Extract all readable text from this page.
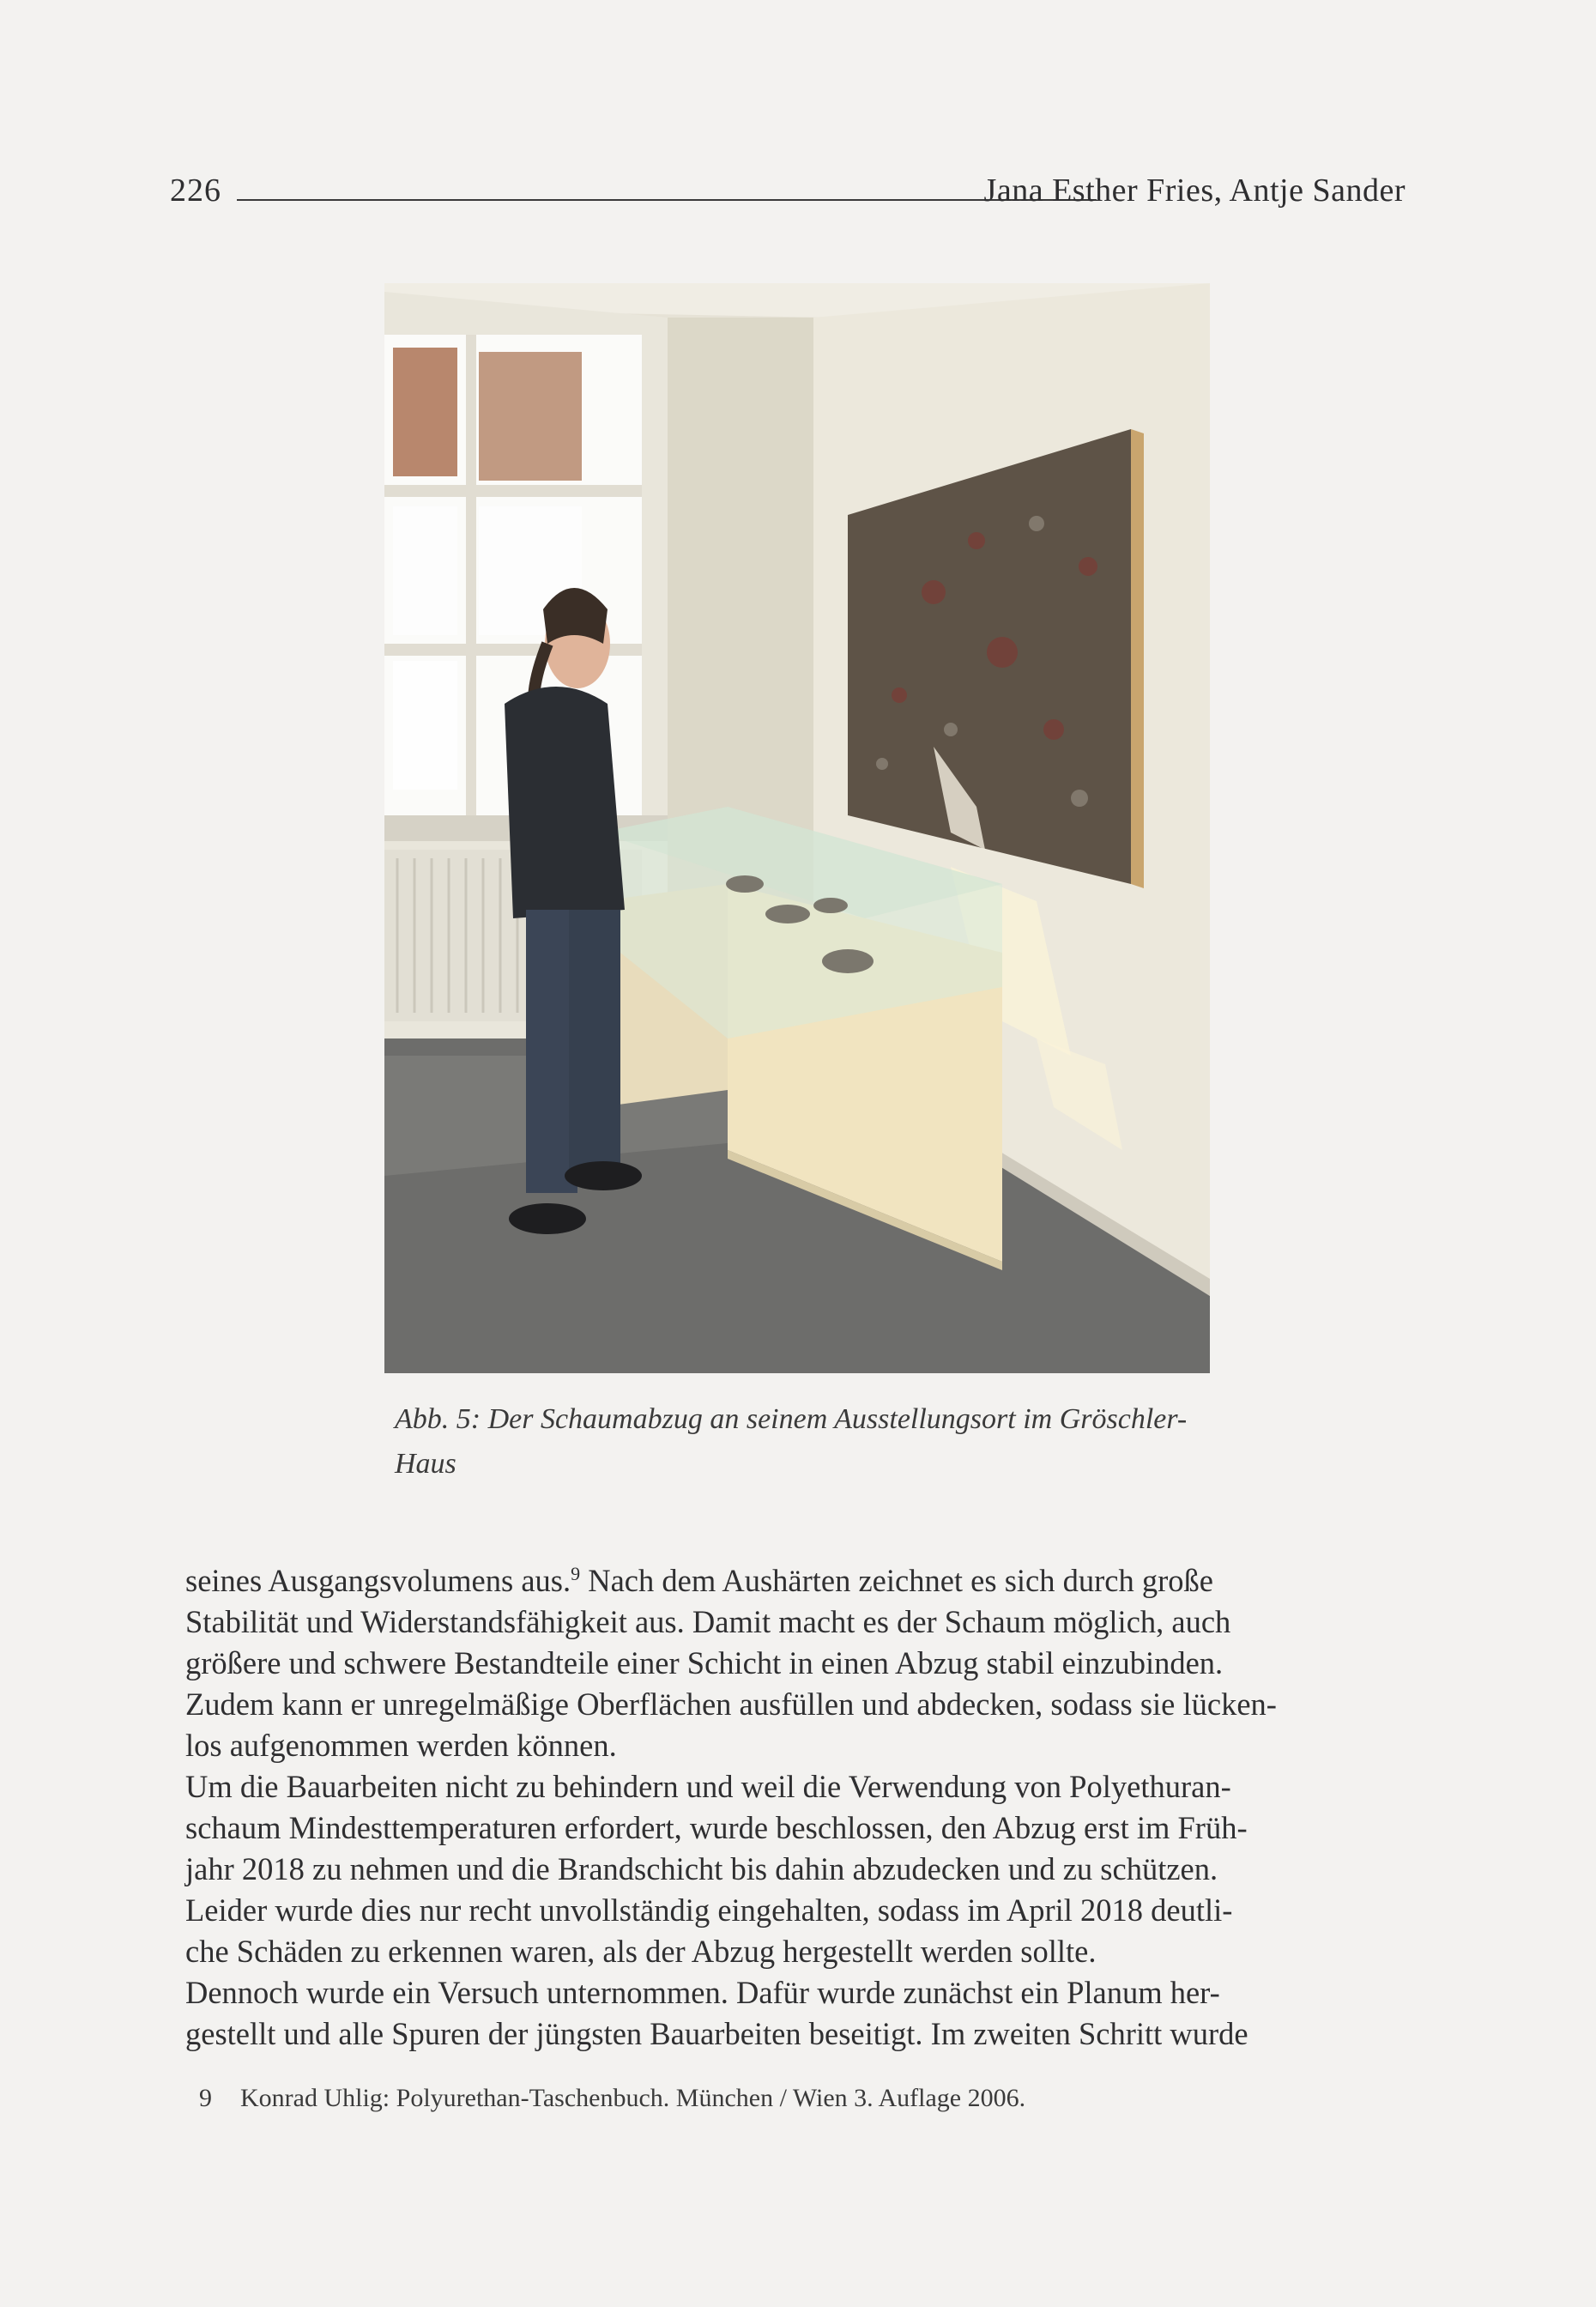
226	Jana Esther Fries, Antje Sander
Abb. 5: Der Schaumabzug an seinem Ausstellungsort im Gröschler-
Haus
seines Ausgangsvolumens aus.$^9$ Nach dem Aushärten zeichnet es sich durch große
Stabilität und Widerstandsfähigkeit aus. Damit macht es der Schaum möglich, auch
größere und schwere Bestandteile einer Schicht in einen Abzug stabil einzubinden.
Zudem kann er unregelmäßige Oberflächen ausfüllen und abdecken, sodass sie lücken-
los aufgenommen werden können.
Um die Bauarbeiten nicht zu behindern und weil die Verwendung von Polyethuran-
schaum Mindesttemperaturen erfordert, wurde beschlossen, den Abzug erst im Früh-
jahr 2018 zu nehmen und die Brandschicht bis dahin abzudecken und zu schützen.
Leider wurde dies nur recht unvollständig eingehalten, sodass im April 2018 deutli-
che Schäden zu erkennen waren, als der Abzug hergestellt werden sollte.
Dennoch wurde ein Versuch unternommen. Dafür wurde zunächst ein Planum her-
gestellt und alle Spuren der jüngsten Bauarbeiten beseitigt. Im zweiten Schritt wurde
9 Konrad Uhlig: Polyurethan-Taschenbuch. München / Wien 3. Auflage 2006.
